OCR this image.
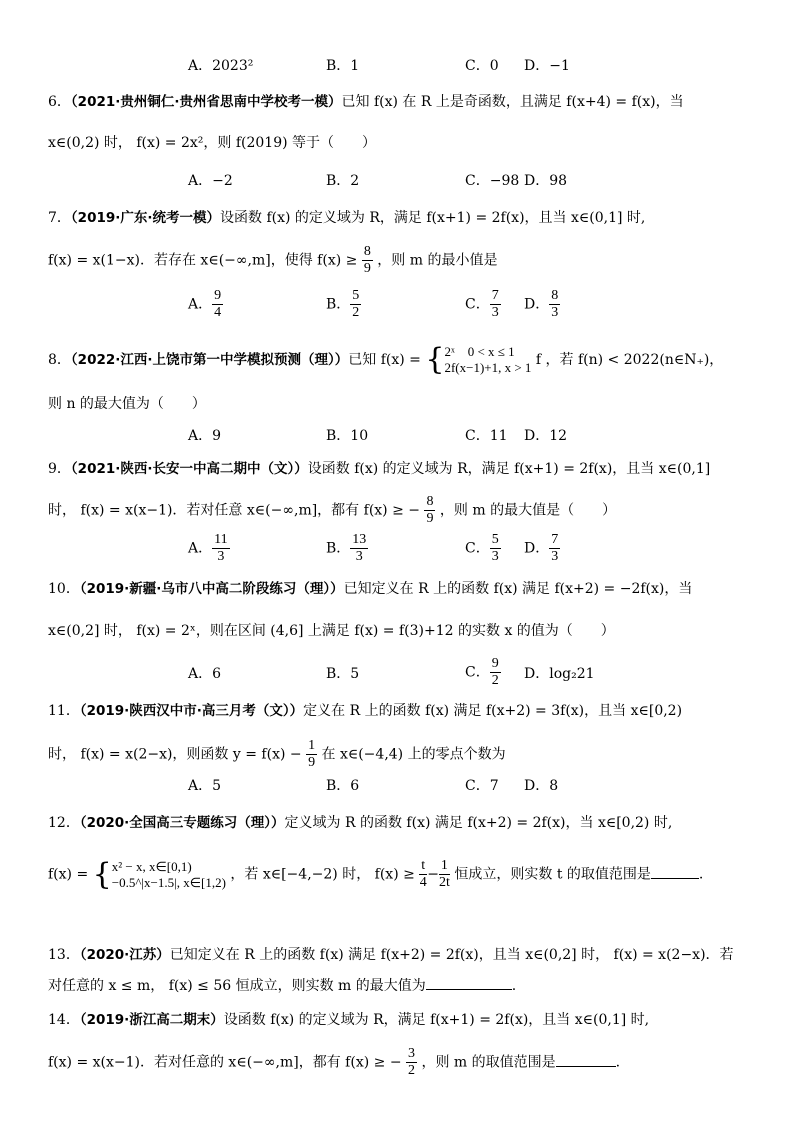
A．2023²	B．1	C．0 D．−1
6．（2021·贵州铜仁·贵州省思南中学校考一模）已知 f(x) 在 R 上是奇函数，且满足 f(x+4) = f(x)，当
x∈(0,2) 时， f(x) = 2x²，则 f(2019) 等于（　　）
A．−2	B．2	C．−98 D．98
7．（2019·广东·统考一模）设函数 f(x) 的定义域为 R，满足 f(x+1) = 2f(x)，且当 x∈(0,1] 时,
f(x) = x(1−x)．若存在 x∈(−∞,m]，使得 $f(x) \ge \frac{8}{9}$ ，则 m 的最小值是
A． $\frac{9}{4}$	B． $\frac{5}{2}$	C． $\frac{7}{3}$ D． $\frac{8}{3}$
8．（2022·江西·上饶市第一中学模拟预测（理））已知 f(x) = { 2ˣ　0 < x ≤ 1
2f(x−1)+1, x > 1 f ，若 f(n) < 2022(n∈N₊)，
则 n 的最大值为（　　）
A．9	B．10	C．11 D．12
9．（2021·陕西·长安一中高二期中（文））设函数 f(x) 的定义域为 R，满足 f(x+1) = 2f(x)，且当 x∈(0,1]
时， f(x) = x(x−1)．若对任意 x∈(−∞,m]，都有 f(x) ≥ − $\frac{8}{9}$ ，则 m 的最大值是（　　）
A． $\frac{11}{3}$	B． $\frac{13}{3}$	C． $\frac{5}{3}$ D． $\frac{7}{3}$
10．（2019·新疆·乌市八中高二阶段练习（理））已知定义在 R 上的函数 f(x) 满足 f(x+2) = −2f(x)，当
x∈(0,2] 时， f(x) = 2ˣ，则在区间 (4,6] 上满足 f(x) = f(3)+12 的实数 x 的值为（　　）
A．6	B．5	C． $\frac{9}{2}$ D．log₂21
11．（2019·陕西汉中市·高三月考（文））定义在 R 上的函数 f(x) 满足 f(x+2) = 3f(x)，且当 x∈[0,2)
时， f(x) = x(2−x)，则函数 $y = f(x) - \frac{1}{9}$ 在 x∈(−4,4) 上的零点个数为
A．5	B．6	C．7 D．8
12．（2020·全国高三专题练习（理））定义域为 R 的函数 f(x) 满足 f(x+2) = 2f(x)，当 x∈[0,2) 时,
f(x) = { x² − x, x∈[0,1)
−0.5^|x−1.5|, x∈[1,2) ，若 x∈[−4,−2) 时， $f(x) \ge \frac{t}{4} - \frac{1}{2t}$ 恒成立，则实数 t 的取值范围是	.
13．（2020·江苏）已知定义在 R 上的函数 f(x) 满足 f(x+2) = 2f(x)，且当 x∈(0,2] 时， f(x) = x(2−x)．若
对任意的 x ≤ m， f(x) ≤ 56 恒成立，则实数 m 的最大值为	.
14．（2019·浙江高二期末）设函数 f(x) 的定义域为 R，满足 f(x+1) = 2f(x)，且当 x∈(0,1] 时,
f(x) = x(x−1)．若对任意的 x∈(−∞,m]，都有 f(x) ≥ − $\frac{3}{2}$ ，则 m 的取值范围是	.
